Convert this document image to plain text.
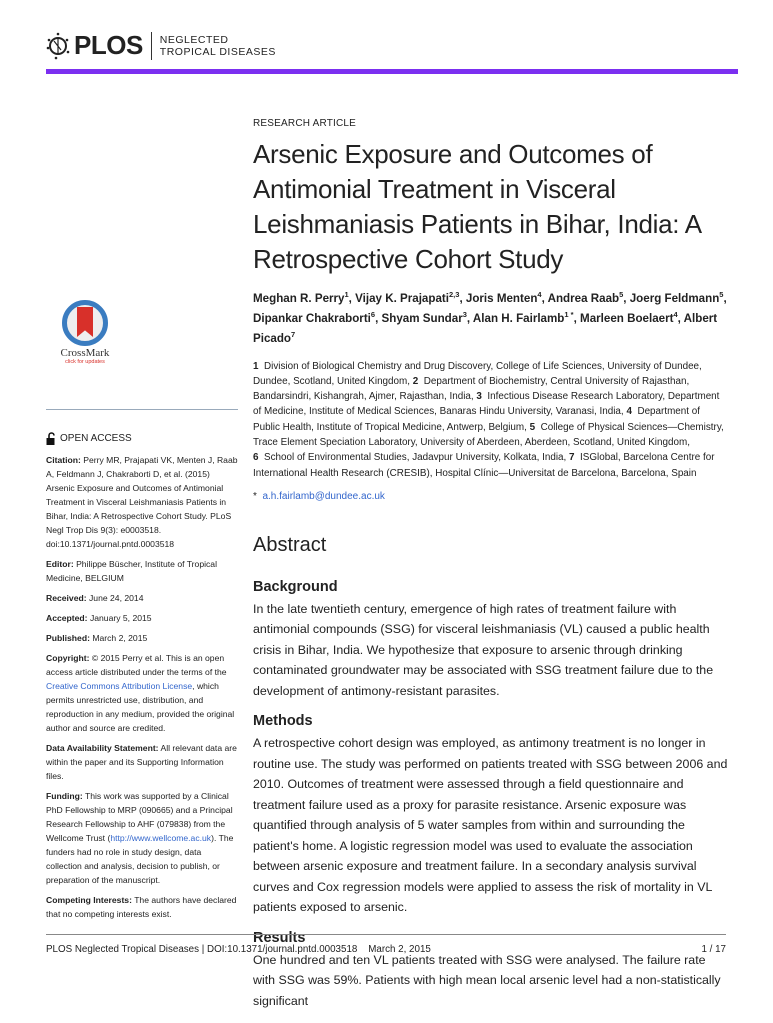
PLOS NEGLECTED
TROPICAL DISEASES
CrossMark
click for updates
OPEN ACCESS

Citation: Perry MR, Prajapati VK, Menten J, Raab A, Feldmann J, Chakraborti D, et al. (2015) Arsenic Exposure and Outcomes of Antimonial Treatment in Visceral Leishmaniasis Patients in Bihar, India: A Retrospective Cohort Study. PLoS Negl Trop Dis 9(3): e0003518. doi:10.1371/journal.pntd.0003518

Editor: Philippe Büscher, Institute of Tropical Medicine, BELGIUM

Received: June 24, 2014

Accepted: January 5, 2015

Published: March 2, 2015

Copyright: © 2015 Perry et al. This is an open access article distributed under the terms of the Creative Commons Attribution License, which permits unrestricted use, distribution, and reproduction in any medium, provided the original author and source are credited.

Data Availability Statement: All relevant data are within the paper and its Supporting Information files.

Funding: This work was supported by a Clinical PhD Fellowship to MRP (090665) and a Principal Research Fellowship to AHF (079838) from the Wellcome Trust (http://www.wellcome.ac.uk). The funders had no role in study design, data collection and analysis, decision to publish, or preparation of the manuscript.

Competing Interests: The authors have declared that no competing interests exist.

RESEARCH ARTICLE
Arsenic Exposure and Outcomes of Antimonial Treatment in Visceral Leishmaniasis Patients in Bihar, India: A Retrospective Cohort Study
Meghan R. Perry$^1$, Vijay K. Prajapati$^{2,3}$, Joris Menten$^4$, Andrea Raab$^5$, Joerg Feldmann$^5$, Dipankar Chakraborti$^6$, Shyam Sundar$^3$, Alan H. Fairlamb$^{1 *}$, Marleen Boelaert$^4$, Albert Picado$^7$
1 Division of Biological Chemistry and Drug Discovery, College of Life Sciences, University of Dundee, Dundee, Scotland, United Kingdom, 2 Department of Biochemistry, Central University of Rajasthan, Bandarsindri, Kishangrah, Ajmer, Rajasthan, India, 3 Infectious Disease Research Laboratory, Department of Medicine, Institute of Medical Sciences, Banaras Hindu University, Varanasi, India, 4 Department of Public Health, Institute of Tropical Medicine, Antwerp, Belgium, 5 College of Physical Sciences—Chemistry, Trace Element Speciation Laboratory, University of Aberdeen, Aberdeen, Scotland, United Kingdom, 6 School of Environmental Studies, Jadavpur University, Kolkata, India, 7 ISGlobal, Barcelona Centre for International Health Research (CRESIB), Hospital Clínic—Universitat de Barcelona, Barcelona, Spain
* a.h.fairlamb@dundee.ac.uk
Abstract
Background

In the late twentieth century, emergence of high rates of treatment failure with antimonial compounds (SSG) for visceral leishmaniasis (VL) caused a public health crisis in Bihar, India. We hypothesize that exposure to arsenic through drinking contaminated groundwater may be associated with SSG treatment failure due to the development of antimony-resistant parasites.

Methods

A retrospective cohort design was employed, as antimony treatment is no longer in routine use. The study was performed on patients treated with SSG between 2006 and 2010. Outcomes of treatment were assessed through a field questionnaire and treatment failure used as a proxy for parasite resistance. Arsenic exposure was quantified through analysis of 5 water samples from within and surrounding the patient's home. A logistic regression model was used to evaluate the association between arsenic exposure and treatment failure. In a secondary analysis survival curves and Cox regression models were applied to assess the risk of mortality in VL patients exposed to arsenic.

Results

One hundred and ten VL patients treated with SSG were analysed. The failure rate with SSG was 59%. Patients with high mean local arsenic level had a non-statistically significant

PLOS Neglected Tropical Diseases | DOI:10.1371/journal.pntd.0003518    March 2, 2015	1 / 17
